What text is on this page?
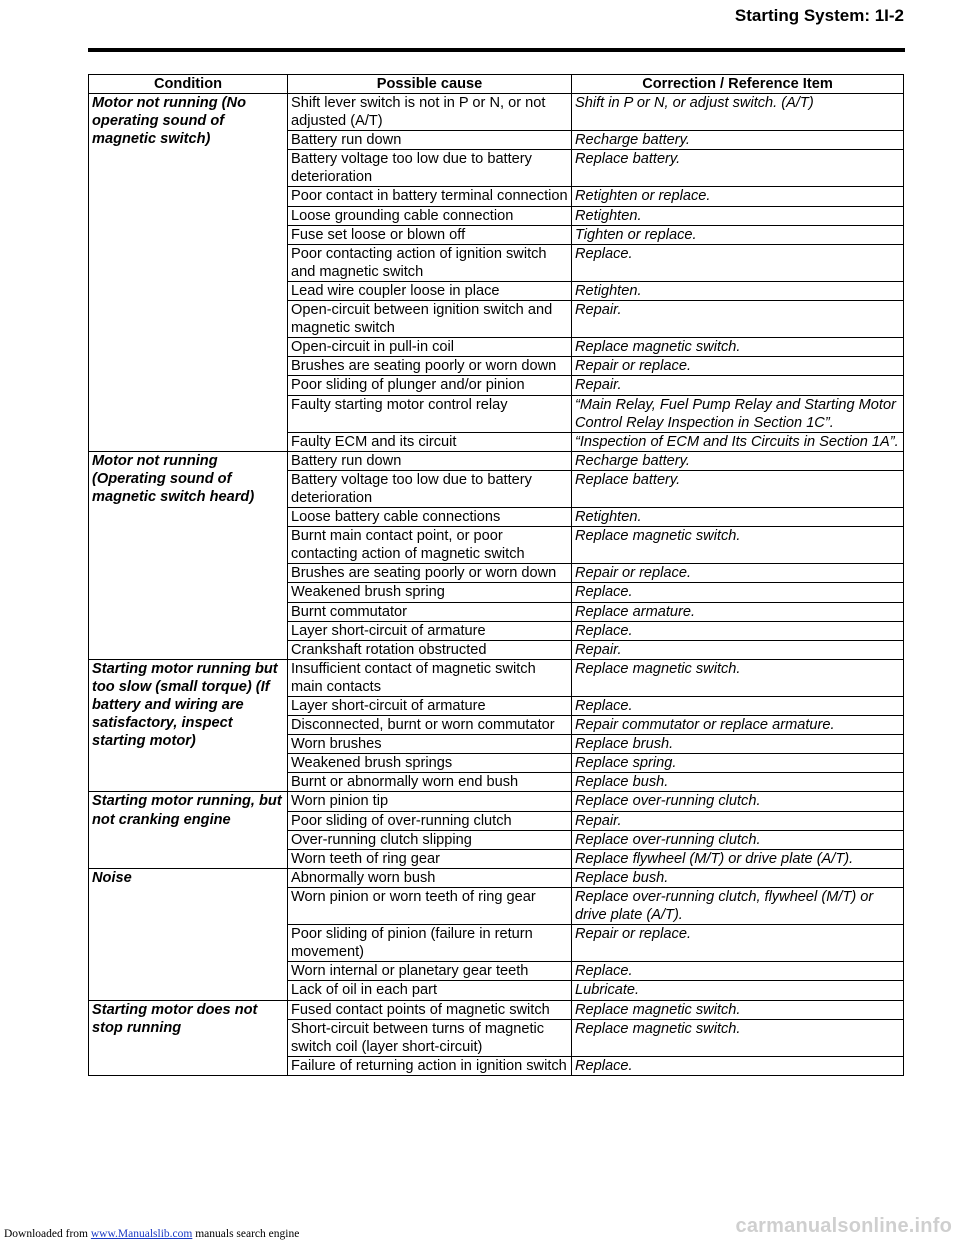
Starting System: 1I-2
Condition	Possible cause	Correction / Reference Item
Motor not running (No operating sound of magnetic switch)	Shift lever switch is not in P or N, or not adjusted (A/T)	Shift in P or N, or adjust switch. (A/T)
	Battery run down	Recharge battery.
	Battery voltage too low due to battery deterioration	Replace battery.
	Poor contact in battery terminal connection	Retighten or replace.
	Loose grounding cable connection	Retighten.
	Fuse set loose or blown off	Tighten or replace.
	Poor contacting action of ignition switch and magnetic switch	Replace.
	Lead wire coupler loose in place	Retighten.
	Open-circuit between ignition switch and magnetic switch	Repair.
	Open-circuit in pull-in coil	Replace magnetic switch.
	Brushes are seating poorly or worn down	Repair or replace.
	Poor sliding of plunger and/or pinion	Repair.
	Faulty starting motor control relay	“Main Relay, Fuel Pump Relay and Starting Motor Control Relay Inspection in Section 1C”.
	Faulty ECM and its circuit	“Inspection of ECM and Its Circuits in Section 1A”.
Motor not running (Operating sound of magnetic switch heard)	Battery run down	Recharge battery.
	Battery voltage too low due to battery deterioration	Replace battery.
	Loose battery cable connections	Retighten.
	Burnt main contact point, or poor contacting action of magnetic switch	Replace magnetic switch.
	Brushes are seating poorly or worn down	Repair or replace.
	Weakened brush spring	Replace.
	Burnt commutator	Replace armature.
	Layer short-circuit of armature	Replace.
	Crankshaft rotation obstructed	Repair.
Starting motor running but too slow (small torque) (If battery and wiring are satisfactory, inspect starting motor)	Insufficient contact of magnetic switch main contacts	Replace magnetic switch.
	Layer short-circuit of armature	Replace.
	Disconnected, burnt or worn commutator	Repair commutator or replace armature.
	Worn brushes	Replace brush.
	Weakened brush springs	Replace spring.
	Burnt or abnormally worn end bush	Replace bush.
Starting motor running, but not cranking engine	Worn pinion tip	Replace over-running clutch.
	Poor sliding of over-running clutch	Repair.
	Over-running clutch slipping	Replace over-running clutch.
	Worn teeth of ring gear	Replace flywheel (M/T) or drive plate (A/T).
Noise	Abnormally worn bush	Replace bush.
	Worn pinion or worn teeth of ring gear	Replace over-running clutch, flywheel (M/T) or drive plate (A/T).
	Poor sliding of pinion (failure in return movement)	Repair or replace.
	Worn internal or planetary gear teeth	Replace.
	Lack of oil in each part	Lubricate.
Starting motor does not stop running	Fused contact points of magnetic switch	Replace magnetic switch.
	Short-circuit between turns of magnetic switch coil (layer short-circuit)	Replace magnetic switch.
	Failure of returning action in ignition switch	Replace.
Downloaded from www.Manualslib.com manuals search engine	carmanualsonline.info
